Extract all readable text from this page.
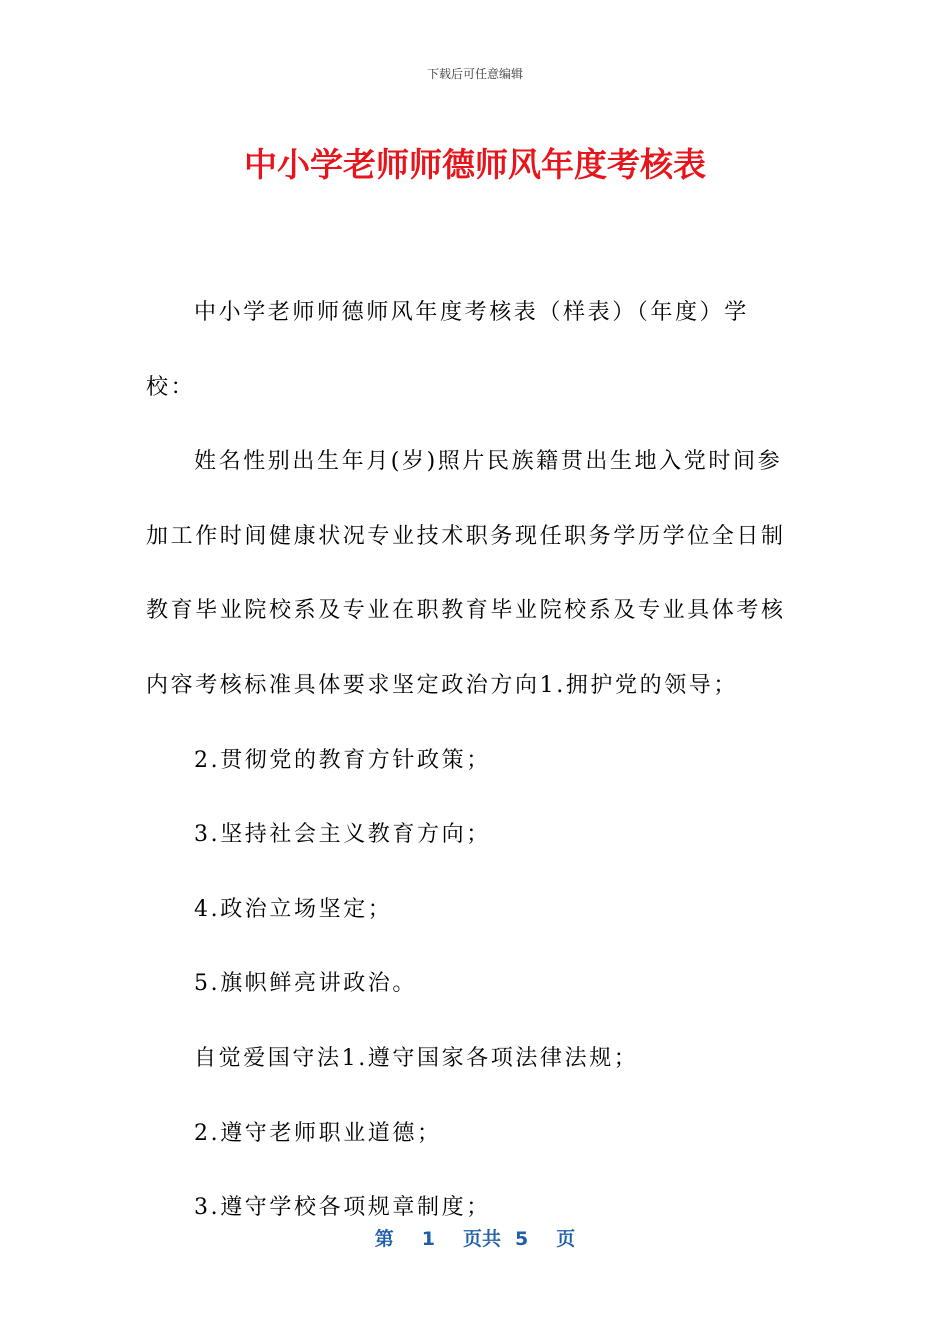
下载后可任意编辑
中小学老师师德师风年度考核表

中小学老师师德师风年度考核表（样表）（年度）学校：

姓名性别出生年月(岁)照片民族籍贯出生地入党时间参加工作时间健康状况专业技术职务现任职务学历学位全日制教育毕业院校系及专业在职教育毕业院校系及专业具体考核内容考核标准具体要求坚定政治方向1.拥护党的领导；

2.贯彻党的教育方针政策；

3.坚持社会主义教育方向；

4.政治立场坚定；

5.旗帜鲜亮讲政治。

自觉爱国守法1.遵守国家各项法律法规；

2.遵守老师职业道德；

3.遵守学校各项规章制度；

第 1 页共 5 页
